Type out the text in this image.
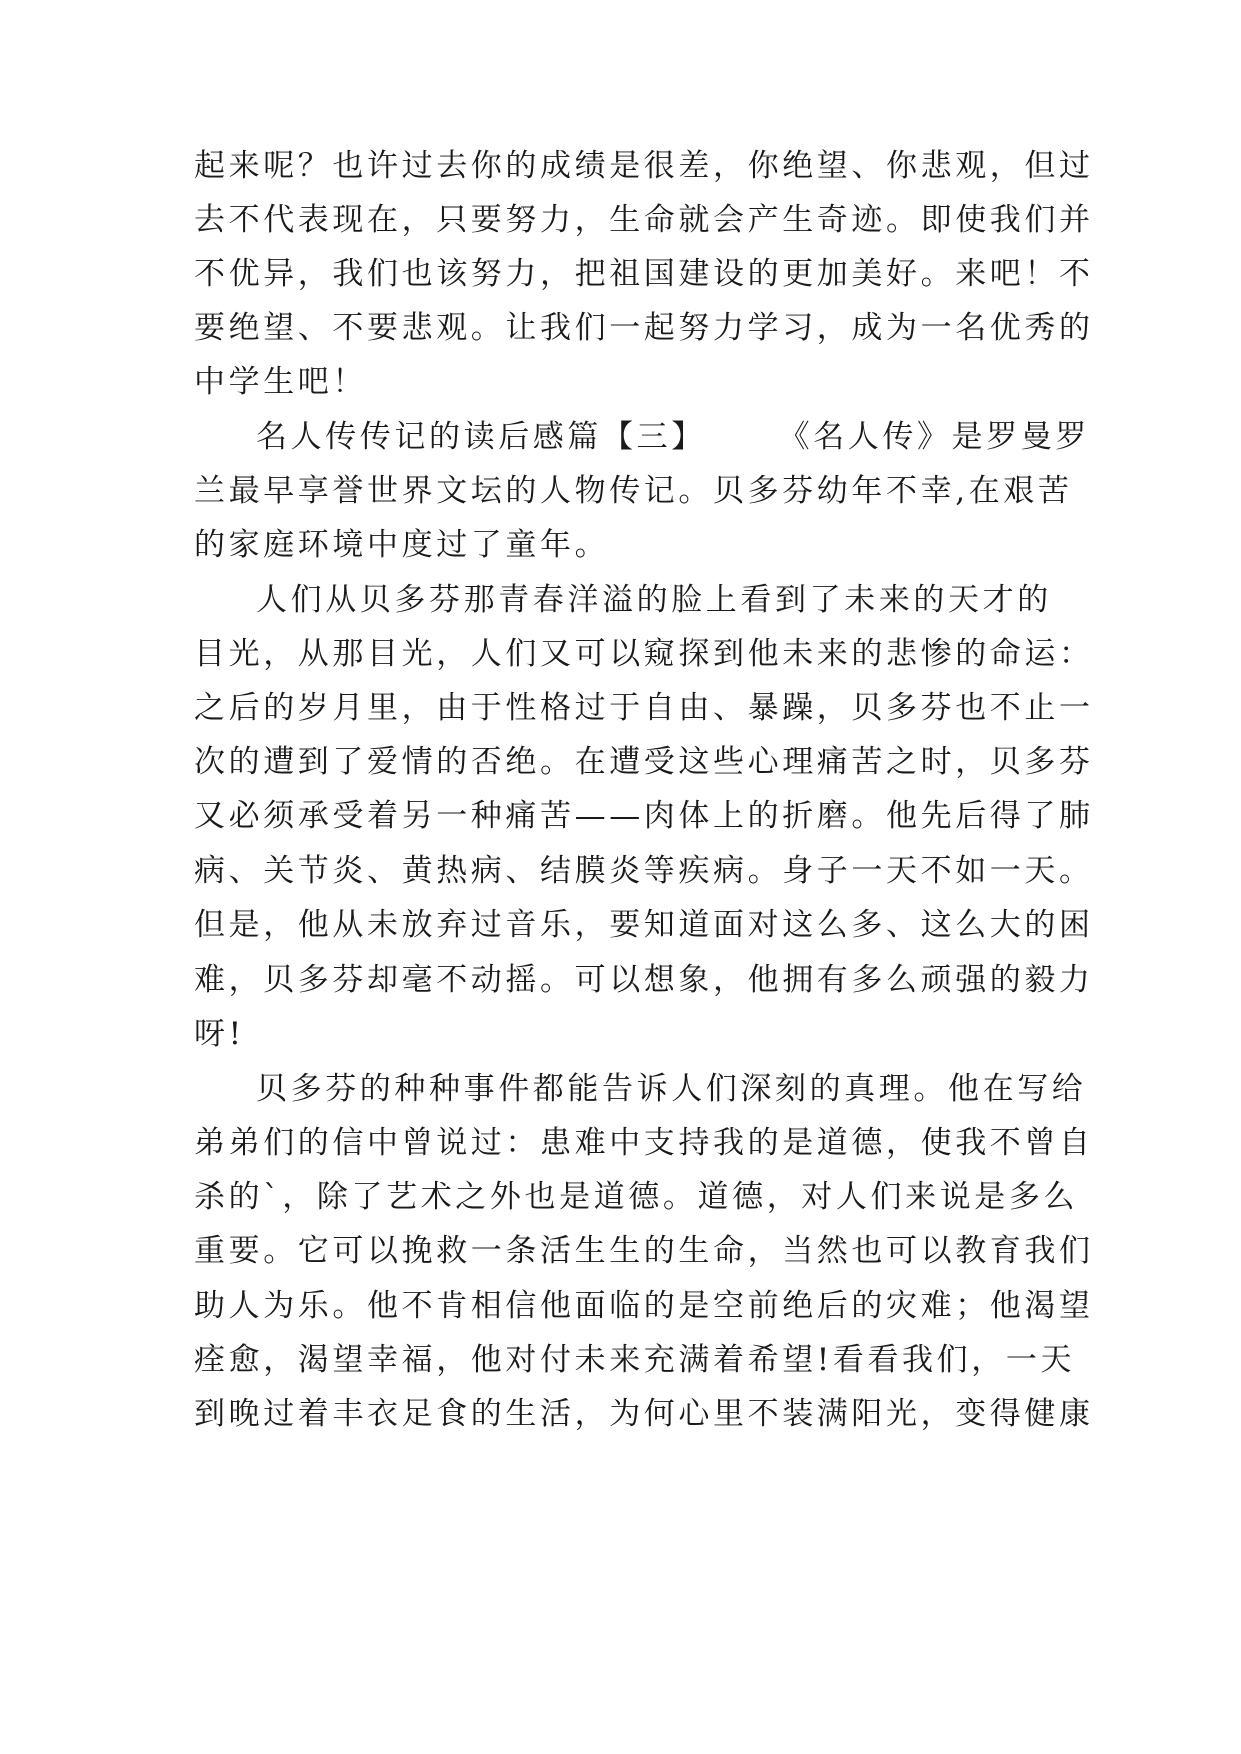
起来呢？也许过去你的成绩是很差，你绝望、你悲观，但过

去不代表现在，只要努力，生命就会产生奇迹。即使我们并

不优异，我们也该努力，把祖国建设的更加美好。来吧！不

要绝望、不要悲观。让我们一起努力学习，成为一名优秀的

中学生吧！

名人传传记的读后感篇【三】　　　《名人传》是罗曼罗

兰最早享誉世界文坛的人物传记。贝多芬幼年不幸,在艰苦

的家庭环境中度过了童年。

人们从贝多芬那青春洋溢的脸上看到了未来的天才的

目光，从那目光，人们又可以窥探到他未来的悲惨的命运：

之后的岁月里，由于性格过于自由、暴躁，贝多芬也不止一

次的遭到了爱情的否绝。在遭受这些心理痛苦之时，贝多芬

又必须承受着另一种痛苦——肉体上的折磨。他先后得了肺

病、关节炎、黄热病、结膜炎等疾病。身子一天不如一天。

但是，他从未放弃过音乐，要知道面对这么多、这么大的困

难，贝多芬却毫不动摇。可以想象，他拥有多么顽强的毅力

呀!

贝多芬的种种事件都能告诉人们深刻的真理。他在写给

弟弟们的信中曾说过：患难中支持我的是道德，使我不曾自

杀的`，除了艺术之外也是道德。道德，对人们来说是多么

重要。它可以挽救一条活生生的生命，当然也可以教育我们

助人为乐。他不肯相信他面临的是空前绝后的灾难；他渴望

痊愈，渴望幸福，他对付未来充满着希望!看看我们，一天

到晚过着丰衣足食的生活，为何心里不装满阳光，变得健康
